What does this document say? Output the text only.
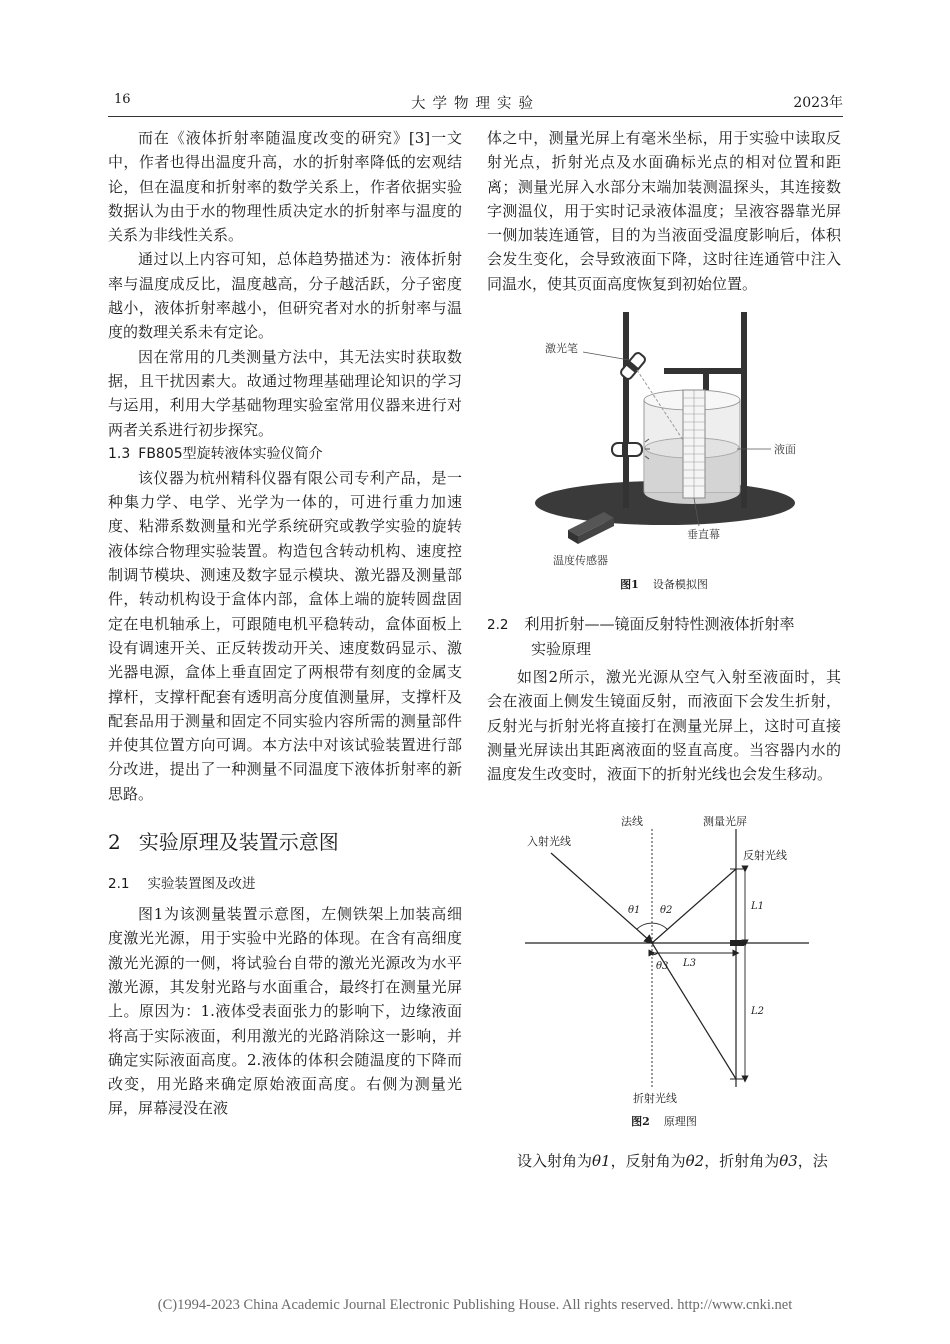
16	大学物理实验	2023年

而在《液体折射率随温度改变的研究》[3]一文中，作者也得出温度升高，水的折射率降低的宏观结论，但在温度和折射率的数学关系上，作者依据实验数据认为由于水的物理性质决定水的折射率与温度的关系为非线性关系。

通过以上内容可知，总体趋势描述为：液体折射率与温度成反比，温度越高，分子越活跃，分子密度越小，液体折射率越小，但研究者对水的折射率与温度的数理关系未有定论。

因在常用的几类测量方法中，其无法实时获取数据，且干扰因素大。故通过物理基础理论知识的学习与运用，利用大学基础物理实验室常用仪器来进行对两者关系进行初步探究。

1.3 FB805型旋转液体实验仪简介

该仪器为杭州精科仪器有限公司专利产品，是一种集力学、电学、光学为一体的，可进行重力加速度、粘滞系数测量和光学系统研究或教学实验的旋转液体综合物理实验装置。构造包含转动机构、速度控制调节模块、测速及数字显示模块、激光器及测量部件，转动机构设于盒体内部，盒体上端的旋转圆盘固定在电机轴承上，可跟随电机平稳转动，盒体面板上设有调速开关、正反转拨动开关、速度数码显示、激光器电源，盒体上垂直固定了两根带有刻度的金属支撑杆，支撑杆配套有透明高分度值测量屏，支撑杆及配套品用于测量和固定不同实验内容所需的测量部件并使其位置方向可调。本方法中对该试验装置进行部分改进，提出了一种测量不同温度下液体折射率的新思路。

2 实验原理及装置示意图
2.1 实验装置图及改进

图1为该测量装置示意图，左侧铁架上加装高细度激光光源，用于实验中光路的体现。在含有高细度激光光源的一侧，将试验台自带的激光光源改为水平激光源，其发射光路与水面重合，最终打在测量光屏上。原因为：1.液体受表面张力的影响下，边缘液面将高于实际液面，利用激光的光路消除这一影响，并确定实际液面高度。2.液体的体积会随温度的下降而改变，用光路来确定原始液面高度。右侧为测量光屏，屏幕浸没在液

体之中，测量光屏上有毫米坐标，用于实验中读取反射光点，折射光点及水面确标光点的相对位置和距离；测量光屏入水部分末端加装测温探头，其连接数字测温仪，用于实时记录液体温度；呈液容器靠光屏一侧加装连通管，目的为当液面受温度影响后，体积会发生变化，会导致液面下降，这时往连通管中注入同温水，使其页面高度恢复到初始位置。

激光笔
液面
垂直幕
温度传感器
图1 设备模拟图
2.2 利用折射——镜面反射特性测液体折射率
实验原理

如图2所示，激光光源从空气入射至液面时，其会在液面上侧发生镜面反射，而液面下会发生折射，反射光与折射光将直接打在测量光屏上，这时可直接测量光屏读出其距离液面的竖直高度。当容器内水的温度发生改变时，液面下的折射光线也会发生移动。

法线	测量光屏
入射光线
反射光线
折射光线
θ1 θ2
θ3
L1
L2
L3
图2 原理图

设入射角为θ1，反射角为θ2，折射角为θ3，法

(C)1994-2023 China Academic Journal Electronic Publishing House. All rights reserved. http://www.cnki.net
